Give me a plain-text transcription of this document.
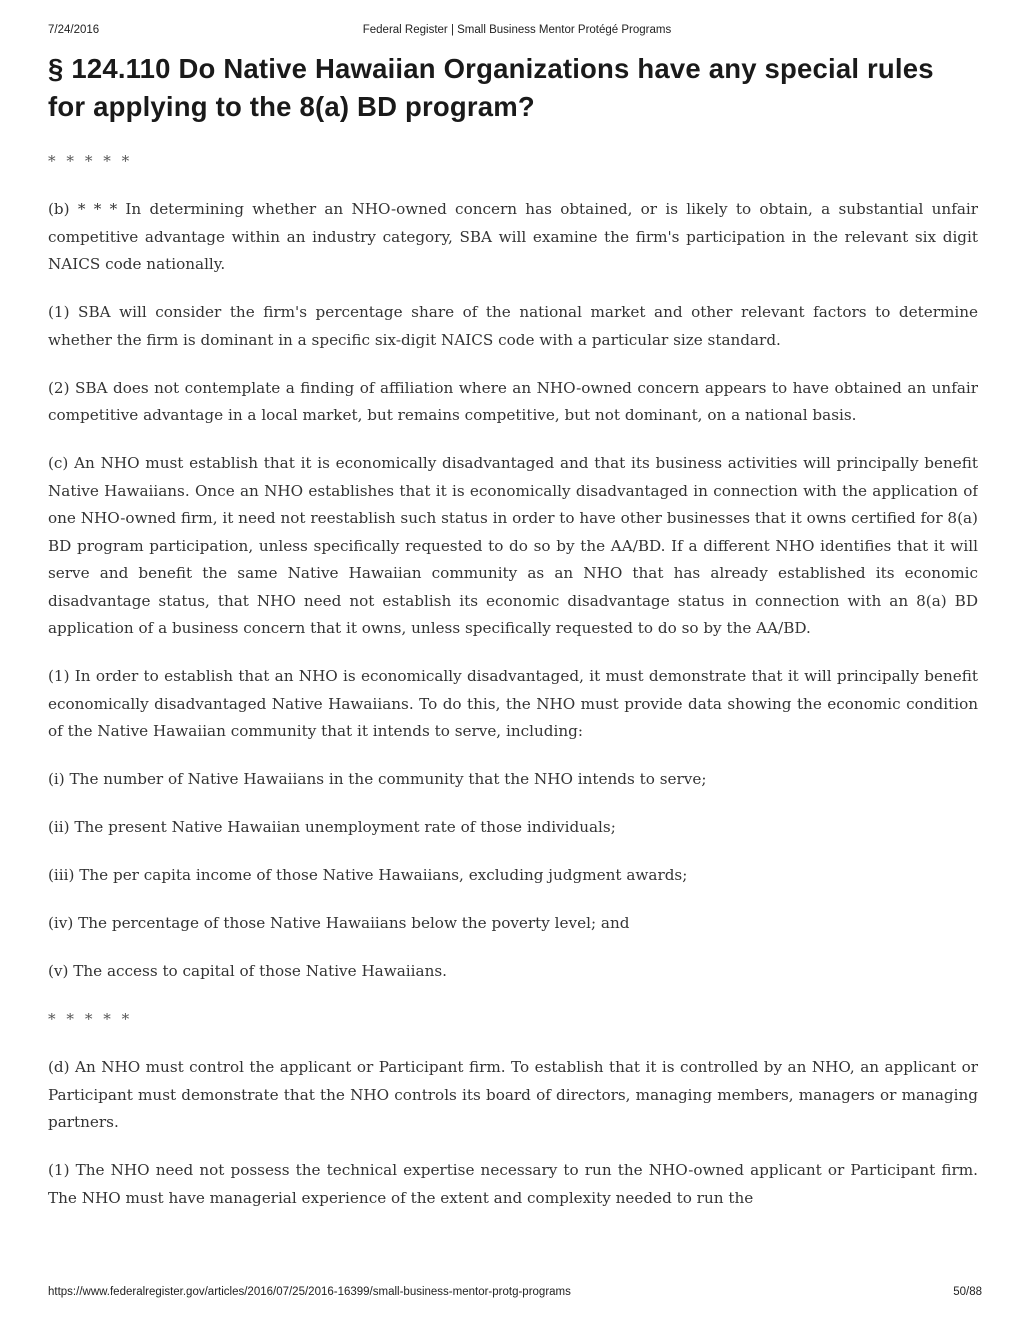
7/24/2016	Federal Register | Small Business Mentor Protégé Programs
§ 124.110 Do Native Hawaiian Organizations have any special rules for applying to the 8(a) BD program?

* * * * *

(b) * * * In determining whether an NHO-owned concern has obtained, or is likely to obtain, a substantial unfair competitive advantage within an industry category, SBA will examine the firm's participation in the relevant six digit NAICS code nationally.

(1) SBA will consider the firm's percentage share of the national market and other relevant factors to determine whether the firm is dominant in a specific six-digit NAICS code with a particular size standard.

(2) SBA does not contemplate a finding of affiliation where an NHO-owned concern appears to have obtained an unfair competitive advantage in a local market, but remains competitive, but not dominant, on a national basis.

(c) An NHO must establish that it is economically disadvantaged and that its business activities will principally benefit Native Hawaiians. Once an NHO establishes that it is economically disadvantaged in connection with the application of one NHO-owned firm, it need not reestablish such status in order to have other businesses that it owns certified for 8(a) BD program participation, unless specifically requested to do so by the AA/BD. If a different NHO identifies that it will serve and benefit the same Native Hawaiian community as an NHO that has already established its economic disadvantage status, that NHO need not establish its economic disadvantage status in connection with an 8(a) BD application of a business concern that it owns, unless specifically requested to do so by the AA/BD.

(1) In order to establish that an NHO is economically disadvantaged, it must demonstrate that it will principally benefit economically disadvantaged Native Hawaiians. To do this, the NHO must provide data showing the economic condition of the Native Hawaiian community that it intends to serve, including:

(i) The number of Native Hawaiians in the community that the NHO intends to serve;

(ii) The present Native Hawaiian unemployment rate of those individuals;

(iii) The per capita income of those Native Hawaiians, excluding judgment awards;

(iv) The percentage of those Native Hawaiians below the poverty level; and

(v) The access to capital of those Native Hawaiians.

* * * * *

(d) An NHO must control the applicant or Participant firm. To establish that it is controlled by an NHO, an applicant or Participant must demonstrate that the NHO controls its board of directors, managing members, managers or managing partners.

(1) The NHO need not possess the technical expertise necessary to run the NHO-owned applicant or Participant firm. The NHO must have managerial experience of the extent and complexity needed to run the

https://www.federalregister.gov/articles/2016/07/25/2016-16399/small-business-mentor-protg-programs	50/88
